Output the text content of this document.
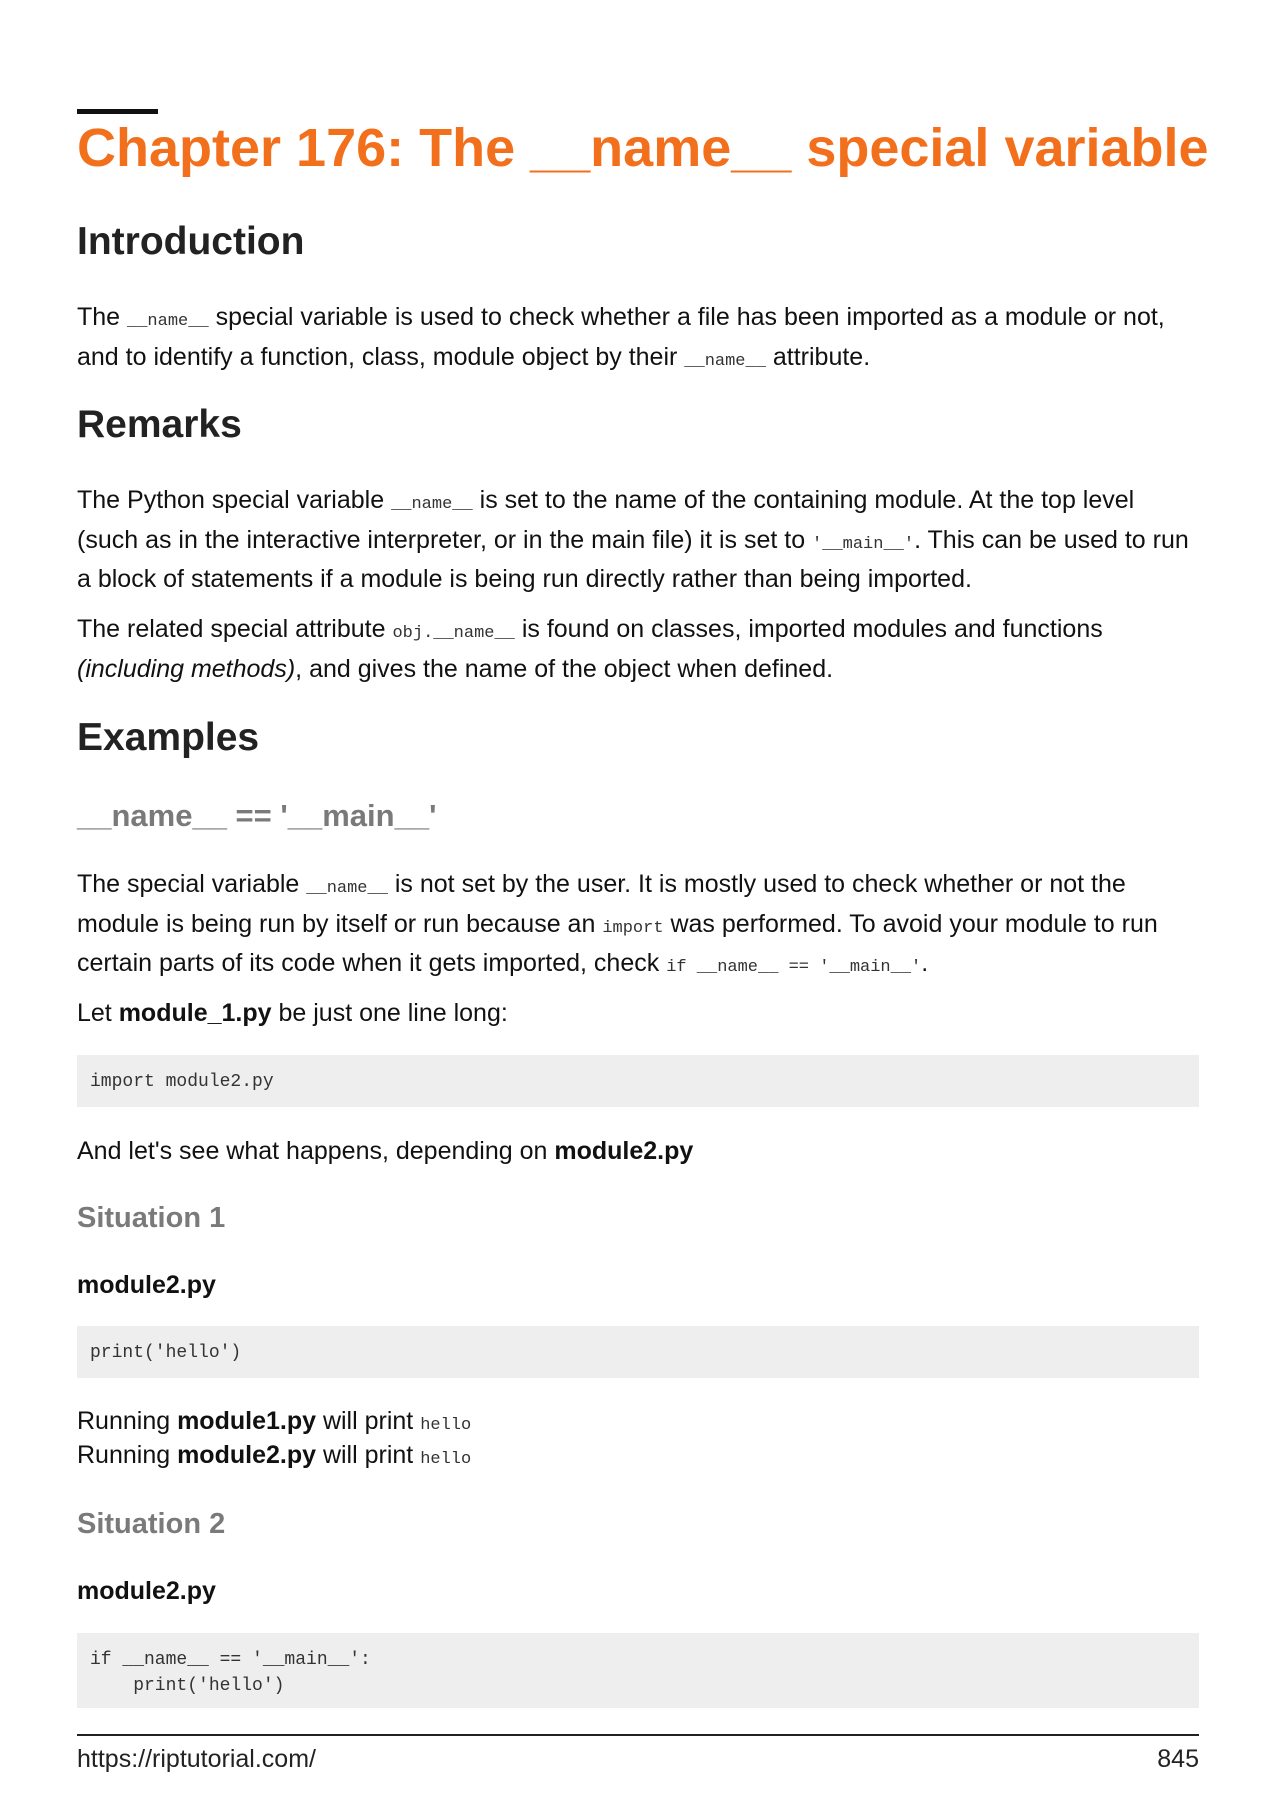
Chapter 176: The __name__ special variable
Introduction

The __name__ special variable is used to check whether a file has been imported as a module or not, and to identify a function, class, module object by their __name__ attribute.

Remarks

The Python special variable __name__ is set to the name of the containing module. At the top level (such as in the interactive interpreter, or in the main file) it is set to '__main__'. This can be used to run a block of statements if a module is being run directly rather than being imported.

The related special attribute obj.__name__ is found on classes, imported modules and functions (including methods), and gives the name of the object when defined.

Examples
__name__ == '__main__'

The special variable __name__ is not set by the user. It is mostly used to check whether or not the module is being run by itself or run because an import was performed. To avoid your module to run certain parts of its code when it gets imported, check if __name__ == '__main__'.

Let module_1.py be just one line long:

import module2.py

And let's see what happens, depending on module2.py

Situation 1
module2.py
print('hello')

Running module1.py will print hello

Running module2.py will print hello

Situation 2
module2.py
if __name__ == '__main__':
print('hello')
https://riptutorial.com/	845
